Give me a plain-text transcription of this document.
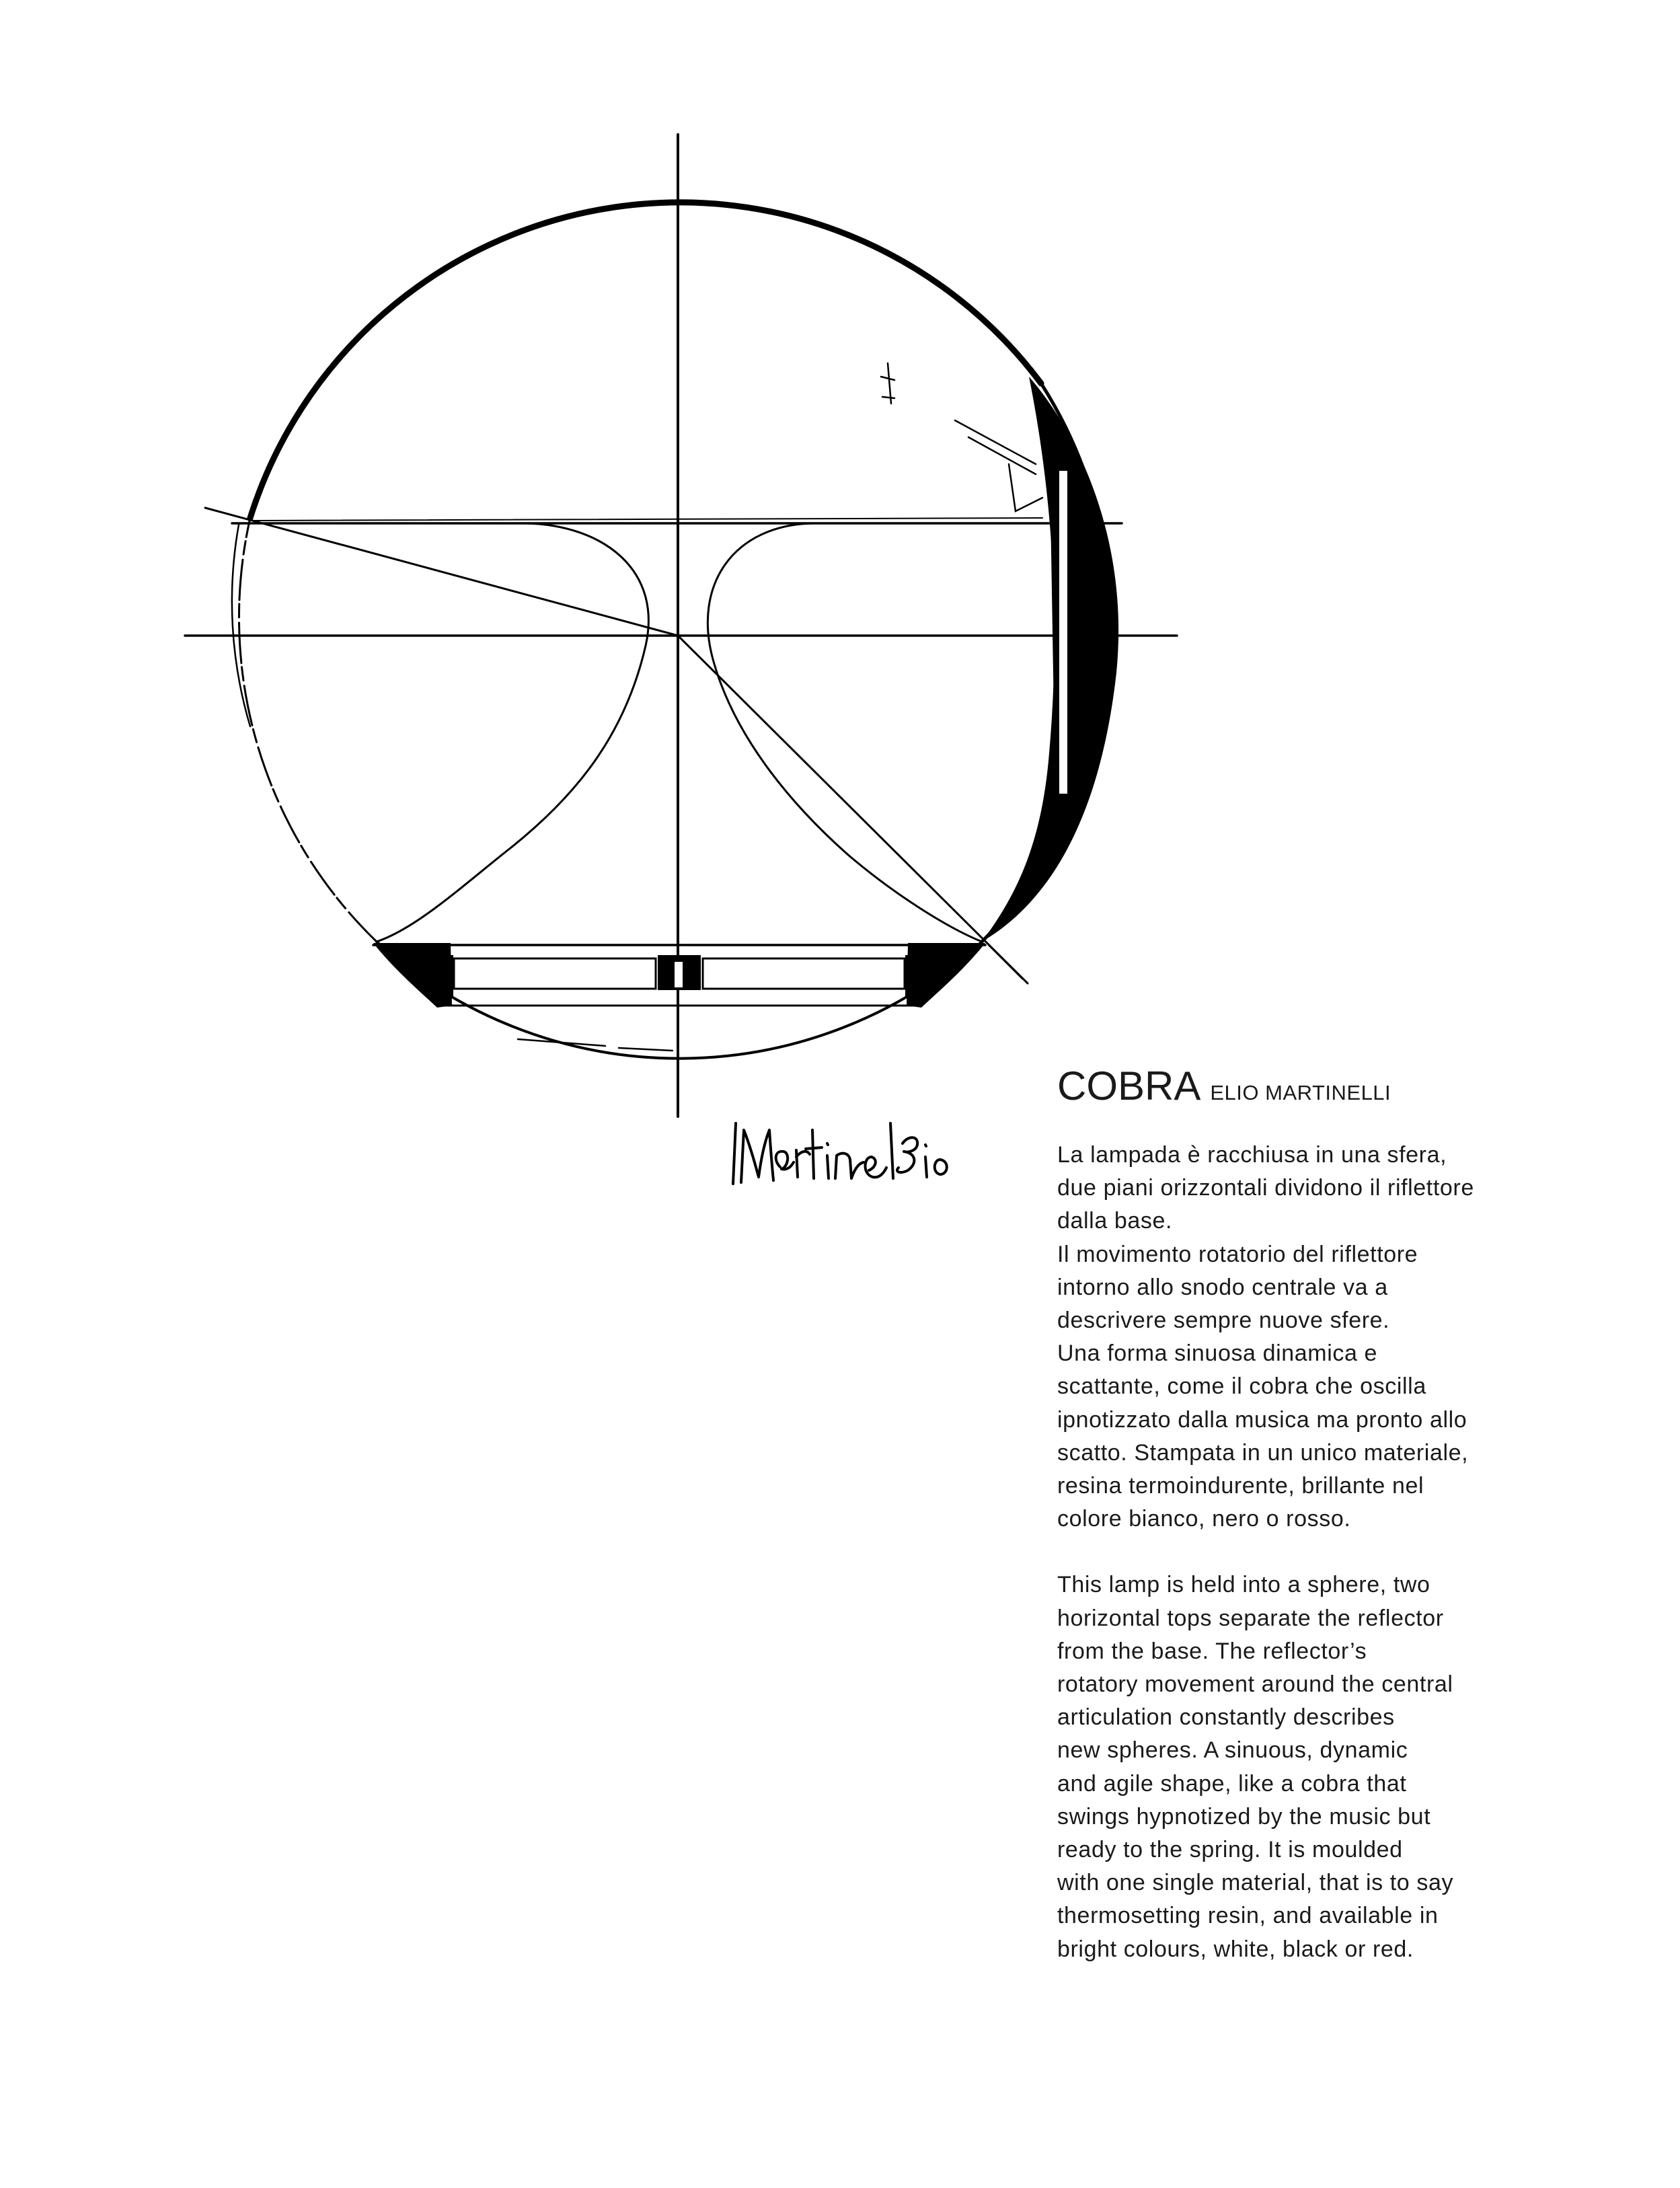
COBRA ELIO MARTINELLI

La lampada è racchiusa in una sfera,
due piani orizzontali dividono il riflettore
dalla base.
Il movimento rotatorio del riflettore
intorno allo snodo centrale va a
descrivere sempre nuove sfere.
Una forma sinuosa dinamica e
scattante, come il cobra che oscilla
ipnotizzato dalla musica ma pronto allo
scatto. Stampata in un unico materiale,
resina termoindurente, brillante nel
colore bianco, nero o rosso.

This lamp is held into a sphere, two
horizontal tops separate the reflector
from the base. The reflector’s
rotatory movement around the central
articulation constantly describes
new spheres. A sinuous, dynamic
and agile shape, like a cobra that
swings hypnotized by the music but
ready to the spring. It is moulded
with one single material, that is to say
thermosetting resin, and available in
bright colours, white, black or red.
